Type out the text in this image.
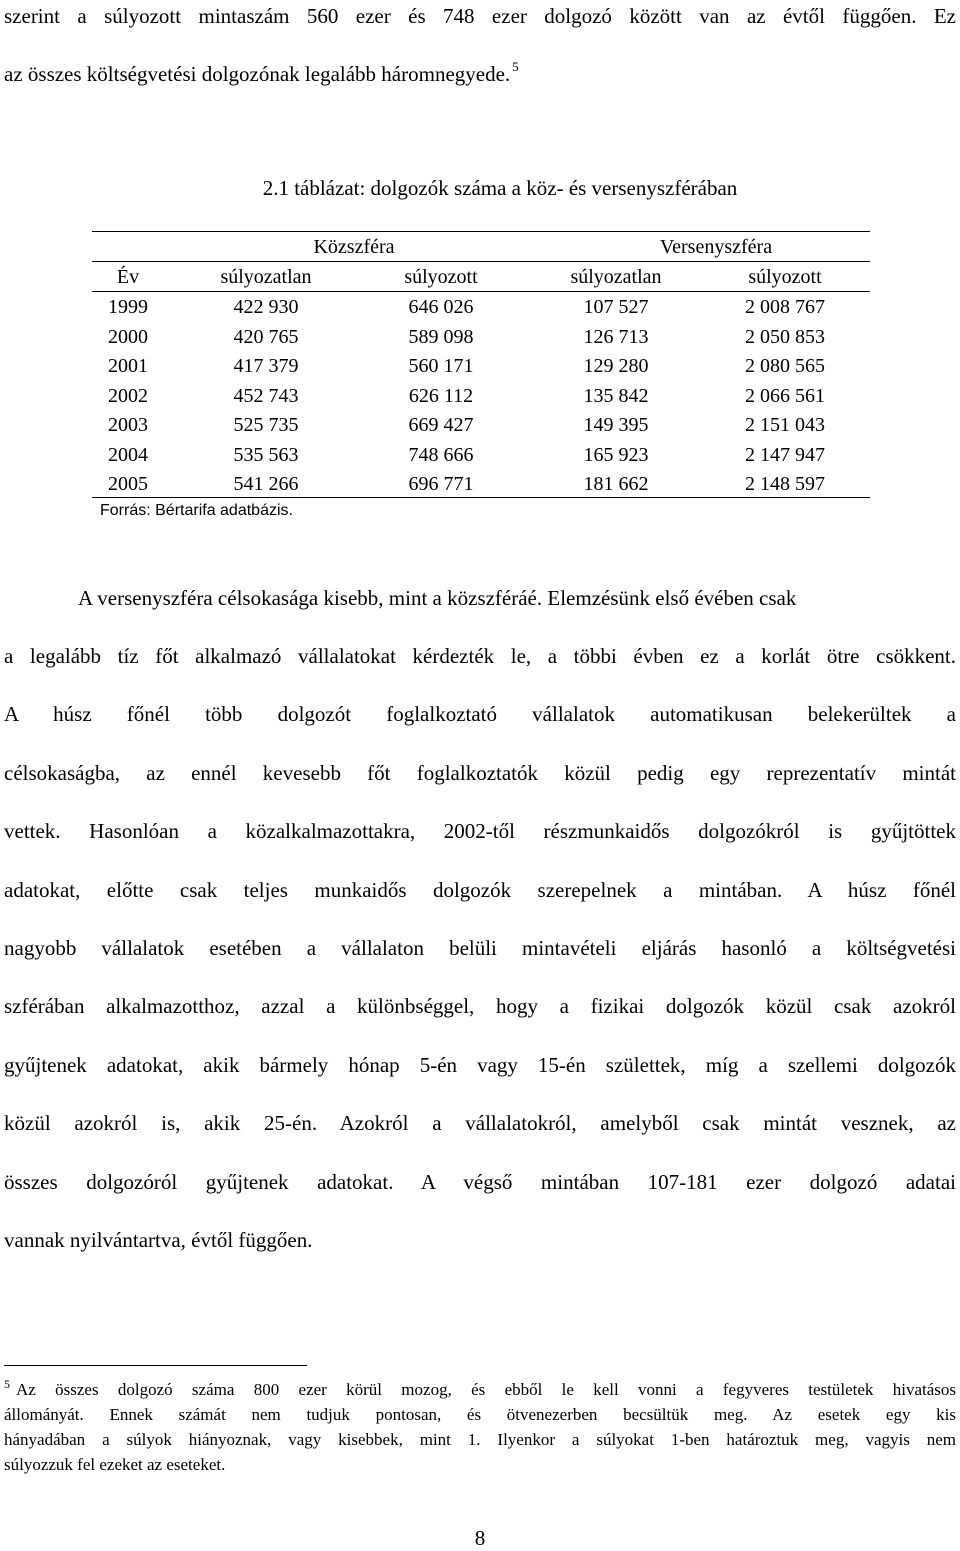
szerint a súlyozott mintaszám 560 ezer és 748 ezer dolgozó között van az évtől függően. Ez
az összes költségvetési dolgozónak legalább háromnegyede. $^5$
2.1 táblázat: dolgozók száma a köz- és versenyszférában
Közszféra	Versenyszféra
Év	súlyozatlan	súlyozott	súlyozatlan	súlyozott
1999	422 930	646 026	107 527	2 008 767
2000	420 765	589 098	126 713	2 050 853
2001	417 379	560 171	129 280	2 080 565
2002	452 743	626 112	135 842	2 066 561
2003	525 735	669 427	149 395	2 151 043
2004	535 563	748 666	165 923	2 147 947
2005	541 266	696 771	181 662	2 148 597
Forrás: Bértarifa adatbázis.
A versenyszféra célsokasága kisebb, mint a közszféráé. Elemzésünk első évében csak
a legalább tíz főt alkalmazó vállalatokat kérdezték le, a többi évben ez a korlát ötre csökkent.
A húsz főnél több dolgozót foglalkoztató vállalatok automatikusan belekerültek a
célsokaságba, az ennél kevesebb főt foglalkoztatók közül pedig egy reprezentatív mintát
vettek. Hasonlóan a közalkalmazottakra, 2002-től részmunkaidős dolgozókról is gyűjtöttek
adatokat, előtte csak teljes munkaidős dolgozók szerepelnek a mintában. A húsz főnél
nagyobb vállalatok esetében a vállalaton belüli mintavételi eljárás hasonló a költségvetési
szférában alkalmazotthoz, azzal a különbséggel, hogy a fizikai dolgozók közül csak azokról
gyűjtenek adatokat, akik bármely hónap 5-én vagy 15-én születtek, míg a szellemi dolgozók
közül azokról is, akik 25-én. Azokról a vállalatokról, amelyből csak mintát vesznek, az
összes dolgozóról gyűjtenek adatokat. A végső mintában 107-181 ezer dolgozó adatai
vannak nyilvántartva, évtől függően.
$^5$ Az összes dolgozó száma 800 ezer körül mozog, és ebből le kell vonni a fegyveres testületek hivatásos
állományát. Ennek számát nem tudjuk pontosan, és ötvenezerben becsültük meg. Az esetek egy kis
hányadában a súlyok hiányoznak, vagy kisebbek, mint 1. Ilyenkor a súlyokat 1-ben határoztuk meg, vagyis nem
súlyozzuk fel ezeket az eseteket.
8
